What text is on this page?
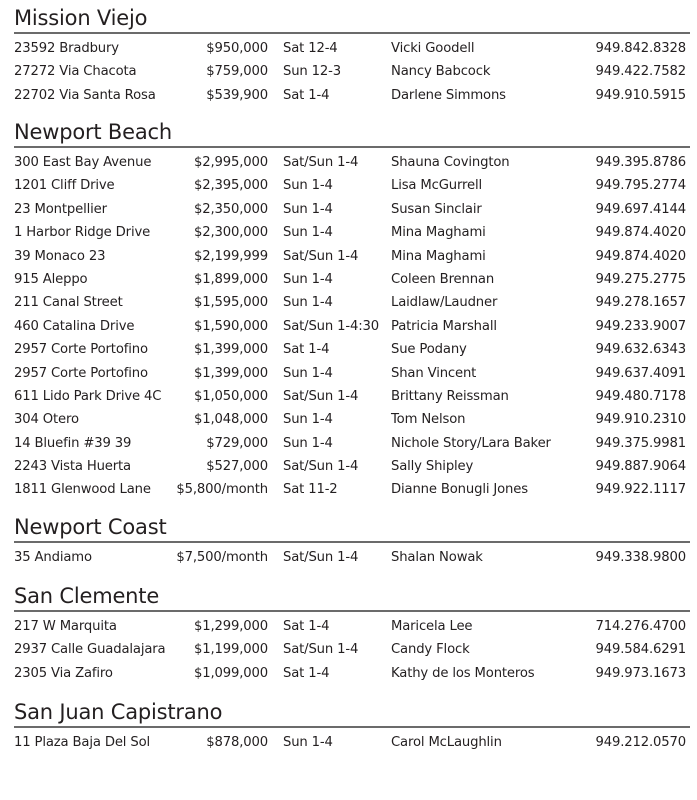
Mission Viejo
23592 Bradbury	$950,000 Sat 12-4	Vicki Goodell	949.842.8328
27272 Via Chacota	$759,000 Sun 12-3	Nancy Babcock	949.422.7582
22702 Via Santa Rosa	$539,900 Sat 1-4	Darlene Simmons	949.910.5915
Newport Beach
300 East Bay Avenue	$2,995,000 Sat/Sun 1-4 Shauna Covington	949.395.8786
1201 Cliff Drive	$2,395,000 Sun 1-4	Lisa McGurrell	949.795.2774
23 Montpellier	$2,350,000 Sun 1-4	Susan Sinclair	949.697.4144
1 Harbor Ridge Drive	$2,300,000 Sun 1-4	Mina Maghami	949.874.4020
39 Monaco 23	$2,199,999 Sat/Sun 1-4 Mina Maghami	949.874.4020
915 Aleppo	$1,899,000 Sun 1-4	Coleen Brennan	949.275.2775
211 Canal Street	$1,595,000 Sun 1-4	Laidlaw/Laudner	949.278.1657
460 Catalina Drive	$1,590,000 Sat/Sun 1-4:30 Patricia Marshall	949.233.9007
2957 Corte Portofino	$1,399,000 Sat 1-4	Sue Podany	949.632.6343
2957 Corte Portofino	$1,399,000 Sun 1-4	Shan Vincent	949.637.4091
611 Lido Park Drive 4C $1,050,000 Sat/Sun 1-4 Brittany Reissman	949.480.7178
304 Otero	$1,048,000 Sun 1-4	Tom Nelson	949.910.2310
14 Bluefin #39 39	$729,000 Sun 1-4	Nichole Story/Lara Baker	949.375.9981
2243 Vista Huerta	$527,000 Sat/Sun 1-4 Sally Shipley	949.887.9064
1811 Glenwood Lane $5,800/month Sat 11-2	Dianne Bonugli Jones	949.922.1117
Newport Coast
35 Andiamo	$7,500/month Sat/Sun 1-4 Shalan Nowak	949.338.9800
San Clemente
217 W Marquita	$1,299,000 Sat 1-4	Maricela Lee	714.276.4700
2937 Calle Guadalajara $1,199,000 Sat/Sun 1-4 Candy Flock	949.584.6291
2305 Via Zafiro	$1,099,000 Sat 1-4	Kathy de los Monteros	949.973.1673
San Juan Capistrano
11 Plaza Baja Del Sol	$878,000 Sun 1-4	Carol McLaughlin	949.212.0570
